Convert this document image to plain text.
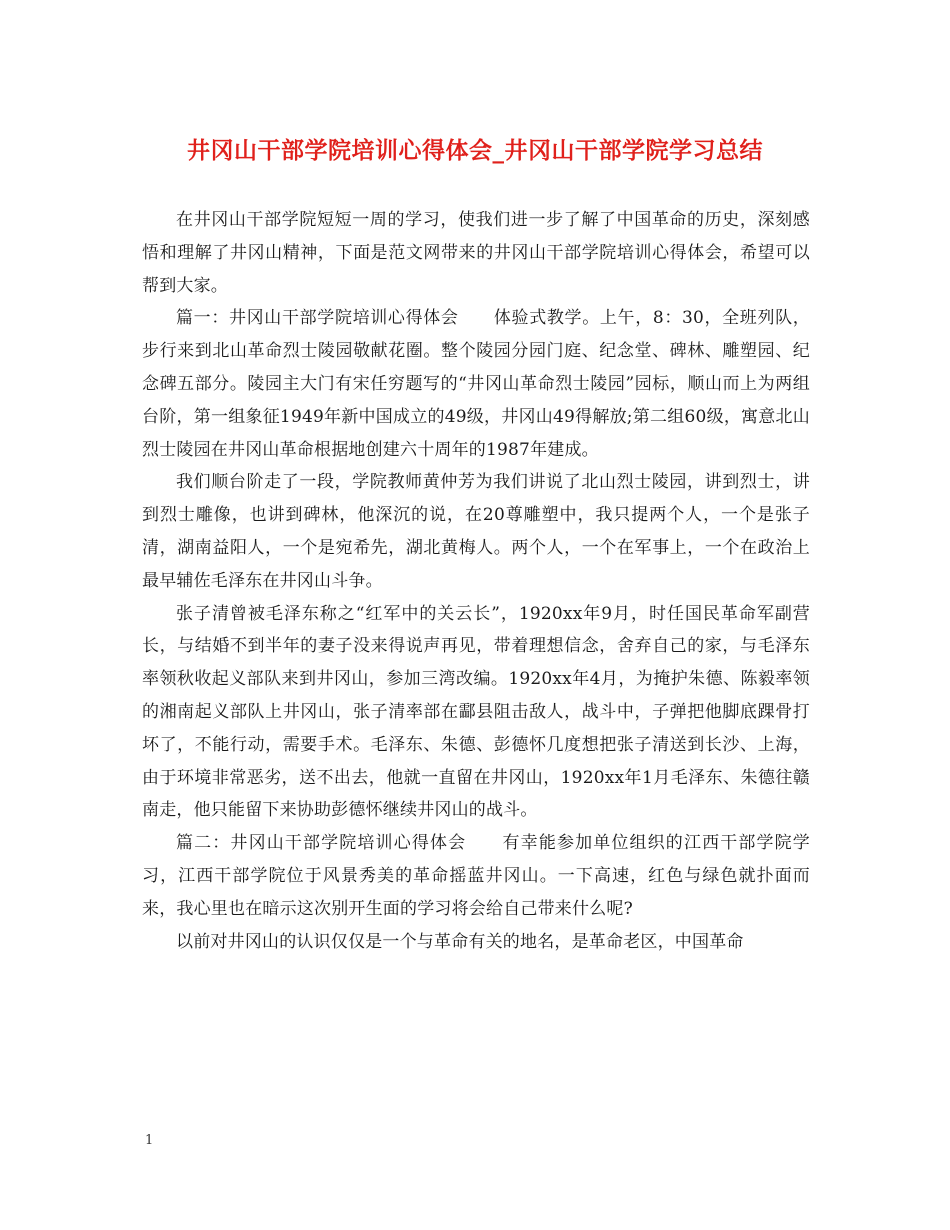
井冈山干部学院培训心得体会_井冈山干部学院学习总结

在井冈山干部学院短短一周的学习，使我们进一步了解了中国革命的历史，深刻感悟和理解了井冈山精神，下面是范文网带来的井冈山干部学院培训心得体会，希望可以帮到大家。

篇一：井冈山干部学院培训心得体会　　体验式教学。上午，8：30，全班列队，步行来到北山革命烈士陵园敬献花圈。整个陵园分园门庭、纪念堂、碑林、雕塑园、纪念碑五部分。陵园主大门有宋任穷题写的“井冈山革命烈士陵园”园标，顺山而上为两组台阶，第一组象征1949年新中国成立的49级，井冈山49得解放;第二组60级，寓意北山烈士陵园在井冈山革命根据地创建六十周年的1987年建成。

我们顺台阶走了一段，学院教师黄仲芳为我们讲说了北山烈士陵园，讲到烈士，讲到烈士雕像，也讲到碑林，他深沉的说，在20尊雕塑中，我只提两个人，一个是张子清，湖南益阳人，一个是宛希先，湖北黄梅人。两个人，一个在军事上，一个在政治上最早辅佐毛泽东在井冈山斗争。

张子清曾被毛泽东称之“红军中的关云长”，1920xx年9月，时任国民革命军副营长，与结婚不到半年的妻子没来得说声再见，带着理想信念，舍弃自己的家，与毛泽东率领秋收起义部队来到井冈山，参加三湾改编。1920xx年4月，为掩护朱德、陈毅率领的湘南起义部队上井冈山，张子清率部在酃县阻击敌人，战斗中，子弹把他脚底踝骨打坏了，不能行动，需要手术。毛泽东、朱德、彭德怀几度想把张子清送到长沙、上海，由于环境非常恶劣，送不出去，他就一直留在井冈山，1920xx年1月毛泽东、朱德往赣南走，他只能留下来协助彭德怀继续井冈山的战斗。

篇二：井冈山干部学院培训心得体会　　有幸能参加单位组织的江西干部学院学习，江西干部学院位于风景秀美的革命摇蓝井冈山。一下高速，红色与绿色就扑面而来，我心里也在暗示这次别开生面的学习将会给自己带来什么呢?

以前对井冈山的认识仅仅是一个与革命有关的地名，是革命老区，中国革命

1
